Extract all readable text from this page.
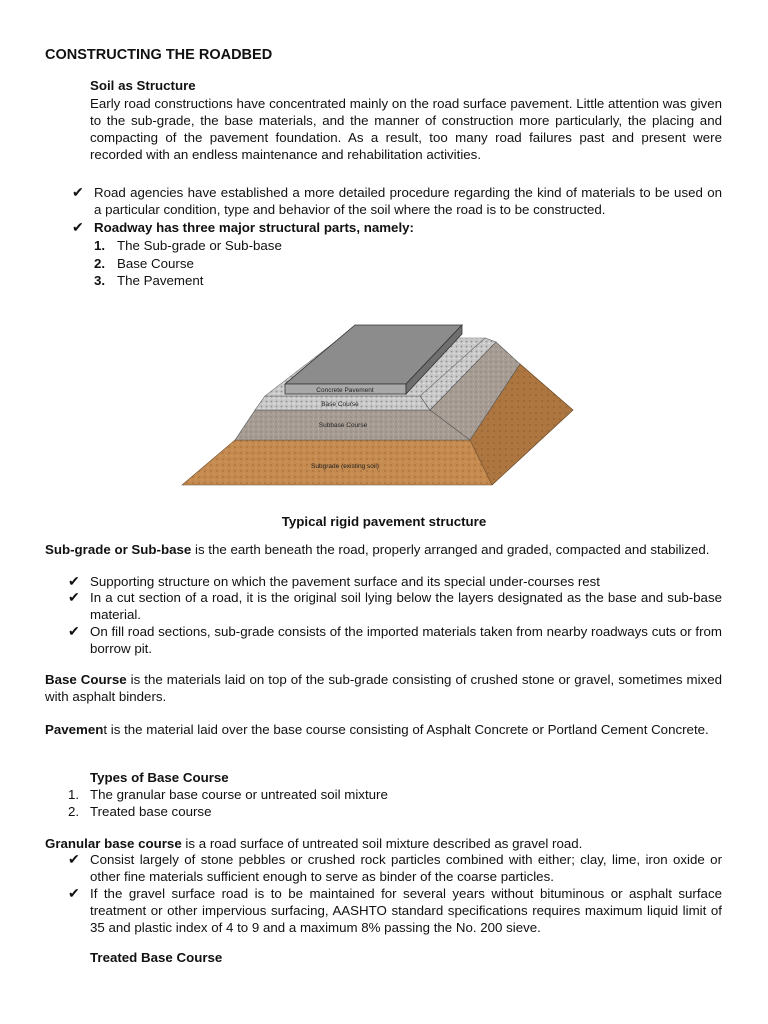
CONSTRUCTING THE ROADBED
Soil as Structure
Early road constructions have concentrated mainly on the road surface pavement. Little attention was given to the sub-grade, the base materials, and the manner of construction more particularly, the placing and compacting of the pavement foundation. As a result, too many road failures past and present were recorded with an endless maintenance and rehabilitation activities.
✔ Road agencies have established a more detailed procedure regarding the kind of materials to be used on a particular condition, type and behavior of the soil where the road is to be constructed.
✔ Roadway has three major structural parts, namely:
1. The Sub-grade or Sub-base
2. Base Course
3. The Pavement
Concrete Pavement
Base Course
Subbase Course
Subgrade (existing soil)
Typical rigid pavement structure
Sub-grade or Sub-base is the earth beneath the road, properly arranged and graded, compacted and stabilized.
✔ Supporting structure on which the pavement surface and its special under-courses rest
✔ In a cut section of a road, it is the original soil lying below the layers designated as the base and sub-base material.
✔ On fill road sections, sub-grade consists of the imported materials taken from nearby roadways cuts or from borrow pit.
Base Course is the materials laid on top of the sub-grade consisting of crushed stone or gravel, sometimes mixed with asphalt binders.
Pavement is the material laid over the base course consisting of Asphalt Concrete or Portland Cement Concrete.
Types of Base Course
1. The granular base course or untreated soil mixture
2. Treated base course
Granular base course is a road surface of untreated soil mixture described as gravel road.
✔ Consist largely of stone pebbles or crushed rock particles combined with either; clay, lime, iron oxide or other fine materials sufficient enough to serve as binder of the coarse particles.
✔ If the gravel surface road is to be maintained for several years without bituminous or asphalt surface treatment or other impervious surfacing, AASHTO standard specifications requires maximum liquid limit of 35 and plastic index of 4 to 9 and a maximum 8% passing the No. 200 sieve.
Treated Base Course
